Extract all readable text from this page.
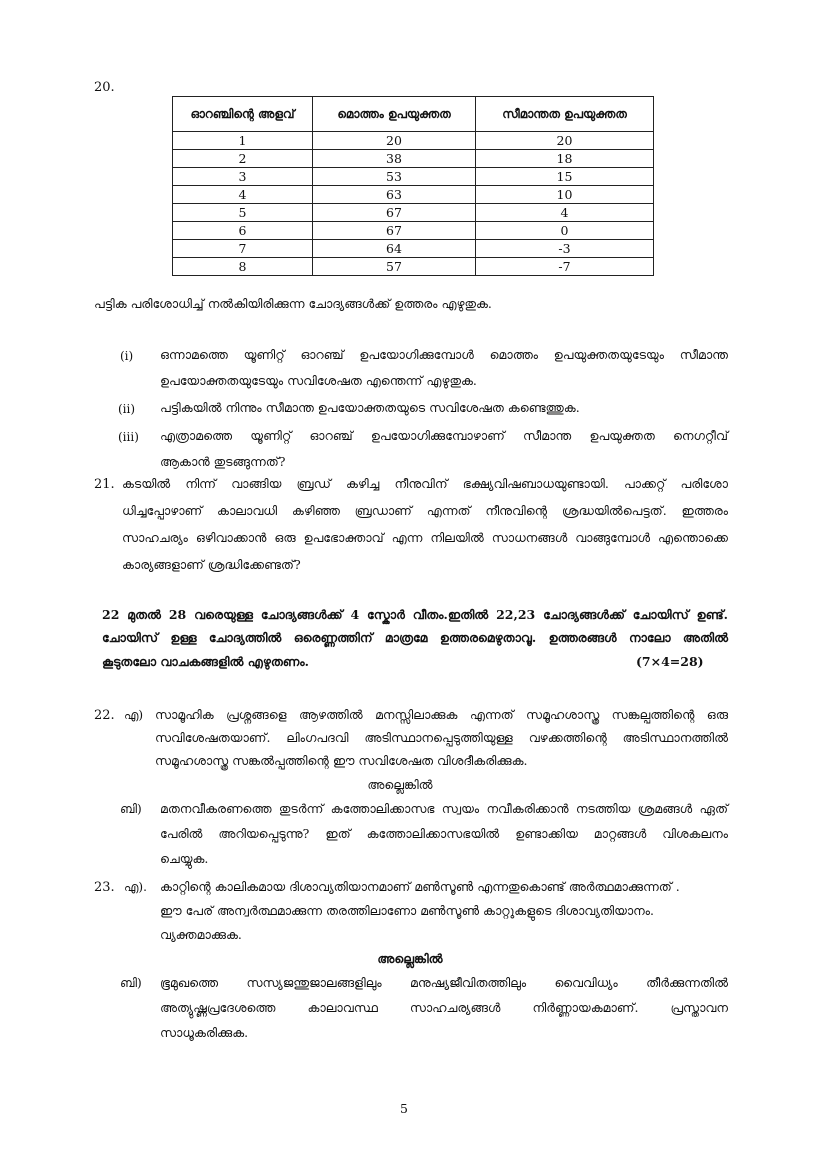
20.
ഓറഞ്ചിന്റെ അളവ്	മൊത്തം ഉപയുക്തത	സീമാന്തത ഉപയുക്തത
1	20	20
2	38	18
3	53	15
4	63	10
5	67	4
6	67	0
7	64	-3
8	57	-7
പട്ടിക പരിശോധിച്ച് നൽകിയിരിക്കുന്ന ചോദ്യങ്ങൾക്ക് ഉത്തരം എഴുതുക.
(i) ഒന്നാമത്തെ യൂണിറ്റ് ഓറഞ്ച് ഉപയോഗിക്കുമ്പോൾ മൊത്തം ഉപയുക്തതയുടേയും സീമാന്ത
ഉപയോക്തതയുടേയും സവിശേഷത എന്തെന്ന് എഴുതുക.
(ii) പട്ടികയിൽ നിന്നും സീമാന്ത ഉപയോക്തതയുടെ സവിശേഷത കണ്ടെത്തുക.
(iii) എത്രാമത്തെ യൂണിറ്റ് ഓറഞ്ച് ഉപയോഗിക്കുമ്പോഴാണ് സീമാന്ത ഉപയുക്തത നെഗറ്റീവ്
ആകാൻ തുടങ്ങുന്നത്?
21. കടയിൽ നിന്ന് വാങ്ങിയ ബ്രഡ് കഴിച്ച നീനുവിന് ഭക്ഷ്യവിഷബാധയുണ്ടായി. പാക്കറ്റ് പരിശോ
ധിച്ചപ്പോഴാണ് കാലാവധി കഴിഞ്ഞ ബ്രഡാണ് എന്നത് നീനുവിന്റെ ശ്രദ്ധയിൽപെട്ടത്. ഇത്തരം
സാഹചര്യം ഒഴിവാക്കാൻ ഒരു ഉപഭോക്താവ് എന്ന നിലയിൽ സാധനങ്ങൾ വാങ്ങുമ്പോൾ എന്തൊക്കെ
കാര്യങ്ങളാണ് ശ്രദ്ധിക്കേണ്ടത്?
22 മുതൽ 28 വരെയുള്ള ചോദ്യങ്ങൾക്ക് 4 സ്കോർ വീതം.ഇതിൽ 22,23 ചോദ്യങ്ങൾക്ക് ചോയിസ് ഉണ്ട്.
ചോയിസ് ഉള്ള ചോദ്യത്തിൽ ഒരെണ്ണത്തിന് മാത്രമേ ഉത്തരമെഴുതാവൂ. ഉത്തരങ്ങൾ നാലോ അതിൽ
കൂടുതലോ വാചകങ്ങളിൽ എഴുതണം.	(7×4=28)
22. എ) സാമൂഹിക പ്രശ്നങ്ങളെ ആഴത്തിൽ മനസ്സിലാക്കുക എന്നത് സമൂഹശാസ്ത്ര സങ്കല്പത്തിന്റെ ഒരു
സവിശേഷതയാണ്. ലിംഗപദവി അടിസ്ഥാനപ്പെടുത്തിയുള്ള വഴക്കത്തിന്റെ അടിസ്ഥാനത്തിൽ
സമൂഹശാസ്ത്ര സങ്കൽപ്പത്തിന്റെ ഈ സവിശേഷത വിശദീകരിക്കുക.
അല്ലെങ്കിൽ
ബി) മതനവീകരണത്തെ തുടർന്ന് കത്തോലിക്കാസഭ സ്വയം നവീകരിക്കാൻ നടത്തിയ ശ്രമങ്ങൾ ഏത്
പേരിൽ അറിയപ്പെടുന്നു? ഇത് കത്തോലിക്കാസഭയിൽ ഉണ്ടാക്കിയ മാറ്റങ്ങൾ വിശകലനം
ചെയ്യുക.
23. എ). കാറ്റിന്റെ കാലികമായ ദിശാവ്യതിയാനമാണ് മൺസൂൺ എന്നതുകൊണ്ട് അർത്ഥമാക്കുന്നത് .
ഈ പേര് അന്വർത്ഥമാക്കുന്ന തരത്തിലാണോ മൺസൂൺ കാറ്റുകളുടെ ദിശാവ്യതിയാനം.
വ്യക്തമാക്കുക.
അല്ലെങ്കിൽ
ബി) ഭൂമുഖത്തെ സസ്യജന്തുജാലങ്ങളിലും മനുഷ്യജീവിതത്തിലും വൈവിധ്യം തീർക്കുന്നതിൽ
അത്യുഷ്ണപ്രദേശത്തെ കാലാവസ്ഥ സാഹചര്യങ്ങൾ നിർണ്ണായകമാണ്. പ്രസ്താവന
സാധൂകരിക്കുക.
5
